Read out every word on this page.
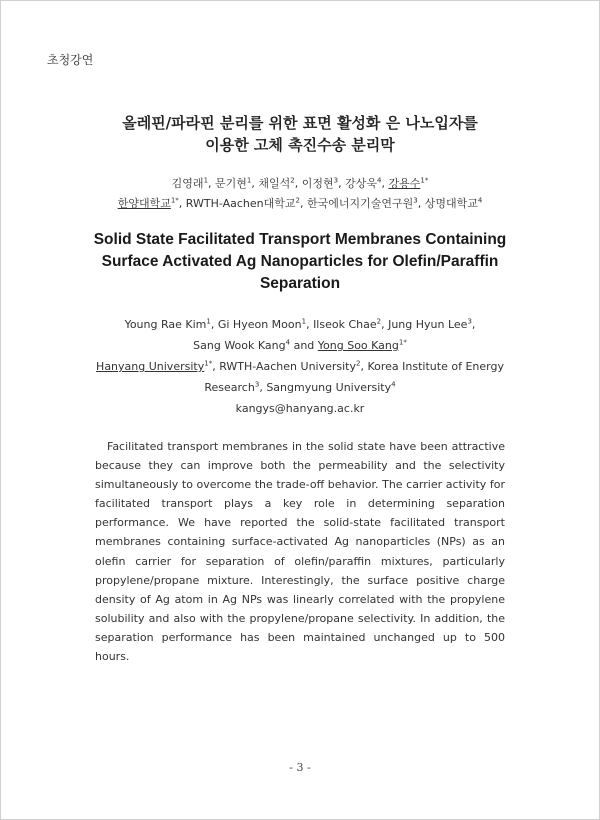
초청강연
올레핀/파라핀 분리를 위한 표면 활성화 은 나노입자를
이용한 고체 촉진수송 분리막
김영래$^1$, 문기현$^1$, 채일석$^2$, 이정현$^3$, 강상욱$^4$, 강용수$^{1*}$
한양대학교$^{1*}$, RWTH-Aachen대학교$^2$, 한국에너지기술연구원$^3$, 상명대학교$^4$
Solid State Facilitated Transport Membranes Containing
Surface Activated Ag Nanoparticles for Olefin/Paraffin
Separation
Young Rae Kim$^1$, Gi Hyeon Moon$^1$, Ilseok Chae$^2$, Jung Hyun Lee$^3$,
Sang Wook Kang$^4$ and Yong Soo Kang$^{1*}$
Hanyang University$^{1*}$, RWTH-Aachen University$^2$, Korea Institute of Energy Research$^3$, Sangmyung University$^4$
kangys@hanyang.ac.kr

Facilitated transport membranes in the solid state have been attractive because they can improve both the permeability and the selectivity simultaneously to overcome the trade-off behavior. The carrier activity for facilitated transport plays a key role in determining separation performance. We have reported the solid-state facilitated transport membranes containing surface-activated Ag nanoparticles (NPs) as an olefin carrier for separation of olefin/paraffin mixtures, particularly propylene/propane mixture. Interestingly, the surface positive charge density of Ag atom in Ag NPs was linearly correlated with the propylene solubility and also with the propylene/propane selectivity. In addition, the separation performance has been maintained unchanged up to 500 hours.

- 3 -
